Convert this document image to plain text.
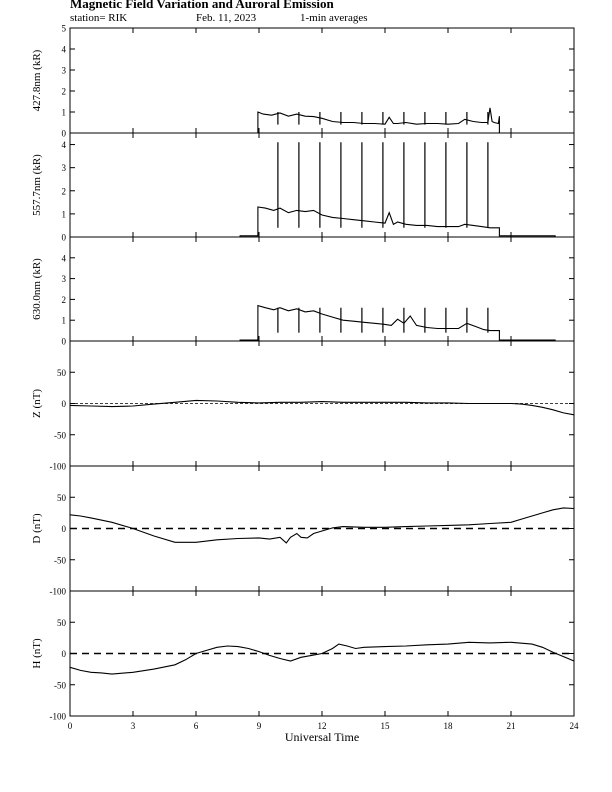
Magnetic Field Variation and Auroral Emission
station= RIK	Feb. 11, 2023	1-min averages
0
1
2
3
4
5
427.8nm (kR)
0
1
2
3
4
557.7nm (kR)
0
1
2
3
4
630.0nm (kR)
-100
-50
0
50
Z (nT)
-100
-50
0
50
D (nT)
-100
-50
0
50
H (nT)
0	3	6	9	12	15	18	21	24
Universal Time
